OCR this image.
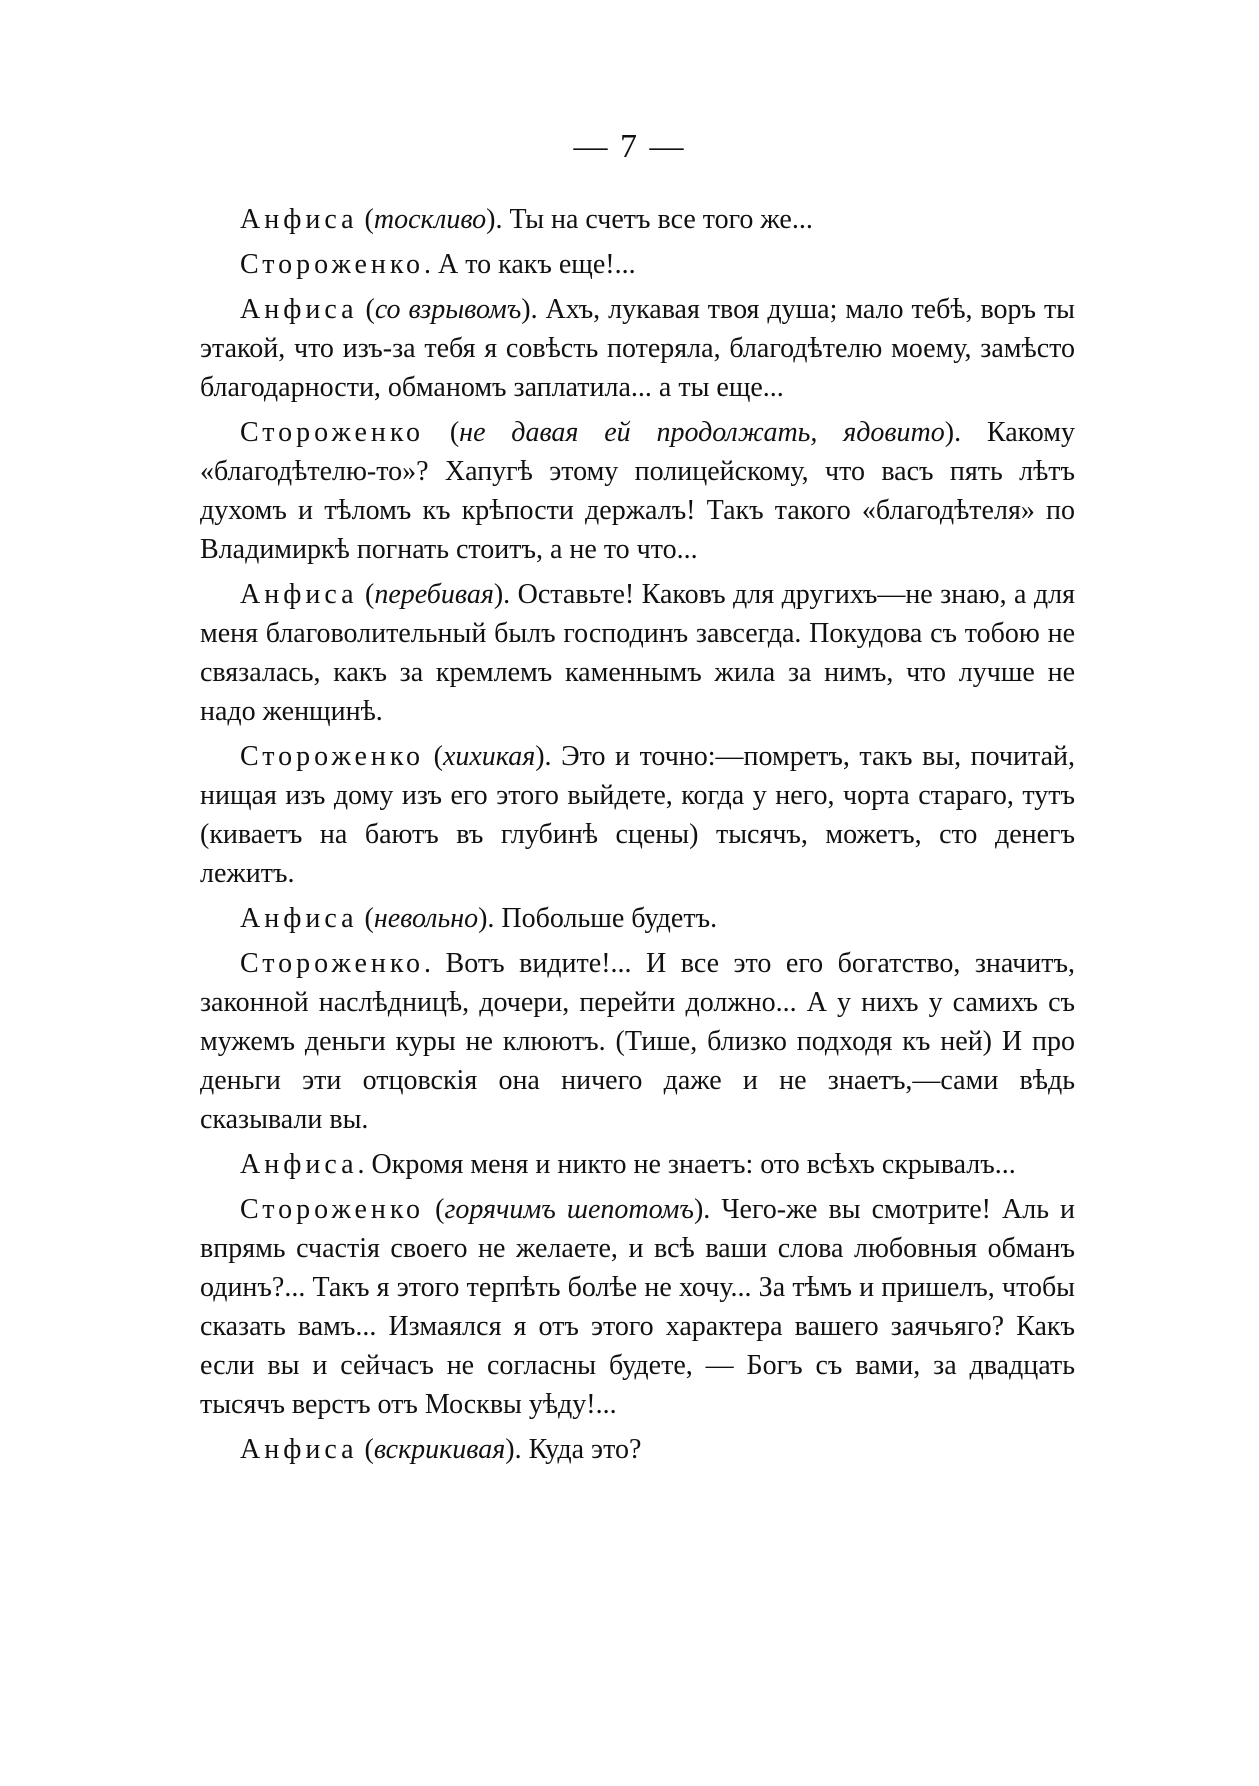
— 7 —

Анфиса (тоскливо). Ты на счетъ все того же...

Стороженко. А то какъ еще!...

Анфиса (со взрывомъ). Ахъ, лукавая твоя душа; мало тебѣ, воръ ты этакой, что изъ-за тебя я совѣсть потеряла, благодѣтелю моему, замѣсто благодарности, обманомъ заплатила... а ты еще...

Стороженко (не давая ей продолжать, ядовито). Какому «благодѣтелю-то»? Хапугѣ этому полицейскому, что васъ пять лѣтъ духомъ и тѣломъ къ крѣпости держалъ! Такъ такого «благодѣтеля» по Владимиркѣ погнать стоитъ, а не то что...

Анфиса (перебивая). Оставьте! Каковъ для другихъ—не знаю, а для меня благоволительный былъ господинъ завсегда. Покудова съ тобою не связалась, какъ за кремлемъ каменнымъ жила за нимъ, что лучше не надо женщинѣ.

Стороженко (хихикая). Это и точно:—помретъ, такъ вы, почитай, нищая изъ дому изъ его этого выйдете, когда у него, чорта стараго, тутъ (киваетъ на баютъ въ глубинѣ сцены) тысячъ, можетъ, сто денегъ лежитъ.

Анфиса (невольно). Побольше будетъ.

Стороженко. Вотъ видите!... И все это его богатство, значитъ, законной наслѣдницѣ, дочери, перейти должно... А у нихъ у самихъ съ мужемъ деньги куры не клюютъ. (Тише, близко подходя къ ней) И про деньги эти отцовскія она ничего даже и не знаетъ,—сами вѣдь сказывали вы.

Анфиса. Окромя меня и никто не знаетъ: ото всѣхъ скрывалъ...

Стороженко (горячимъ шепотомъ). Чего-же вы смотрите! Аль и впрямь счастія своего не желаете, и всѣ ваши слова любовныя обманъ одинъ?... Такъ я этого терпѣть болѣе не хочу... За тѣмъ и пришелъ, чтобы сказать вамъ... Измаялся я отъ этого характера вашего заячьяго? Какъ если вы и сейчасъ не согласны будете, — Богъ съ вами, за двадцать тысячъ верстъ отъ Москвы уѣду!...

Анфиса (вскрикивая). Куда это?
